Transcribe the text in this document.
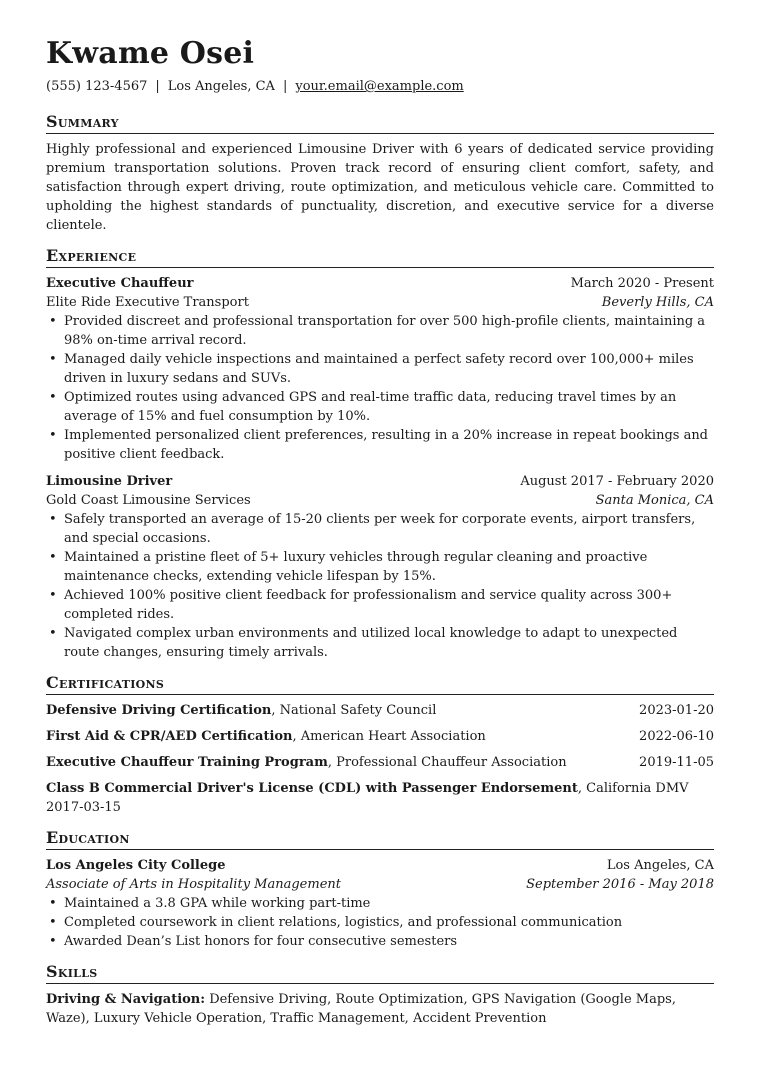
Kwame Osei
(555) 123-4567 | Los Angeles, CA | your.email@example.com
Summary
Highly professional and experienced Limousine Driver with 6 years of dedicated service providing premium transportation solutions. Proven track record of ensuring client comfort, safety, and satisfaction through expert driving, route optimization, and meticulous vehicle care. Committed to upholding the highest standards of punctuality, discretion, and executive service for a diverse clientele.
Experience
Executive Chauffeur	March 2020 - Present
Elite Ride Executive Transport	Beverly Hills, CA
• Provided discreet and professional transportation for over 500 high-profile clients, maintaining a 98% on-time arrival record.
• Managed daily vehicle inspections and maintained a perfect safety record over 100,000+ miles driven in luxury sedans and SUVs.
• Optimized routes using advanced GPS and real-time traffic data, reducing travel times by an average of 15% and fuel consumption by 10%.
• Implemented personalized client preferences, resulting in a 20% increase in repeat bookings and positive client feedback.
Limousine Driver	August 2017 - February 2020
Gold Coast Limousine Services	Santa Monica, CA
• Safely transported an average of 15-20 clients per week for corporate events, airport transfers, and special occasions.
• Maintained a pristine fleet of 5+ luxury vehicles through regular cleaning and proactive maintenance checks, extending vehicle lifespan by 15%.
• Achieved 100% positive client feedback for professionalism and service quality across 300+ completed rides.
• Navigated complex urban environments and utilized local knowledge to adapt to unexpected route changes, ensuring timely arrivals.
Certifications
Defensive Driving Certification, National Safety Council	2023-01-20
First Aid & CPR/AED Certification, American Heart Association	2022-06-10
Executive Chauffeur Training Program, Professional Chauffeur Association	2019-11-05
Class B Commercial Driver's License (CDL) with Passenger Endorsement, California DMV
2017-03-15
Education
Los Angeles City College	Los Angeles, CA
Associate of Arts in Hospitality Management	September 2016 - May 2018
• Maintained a 3.8 GPA while working part-time
• Completed coursework in client relations, logistics, and professional communication
• Awarded Dean’s List honors for four consecutive semesters
Skills
Driving & Navigation: Defensive Driving, Route Optimization, GPS Navigation (Google Maps, Waze), Luxury Vehicle Operation, Traffic Management, Accident Prevention
